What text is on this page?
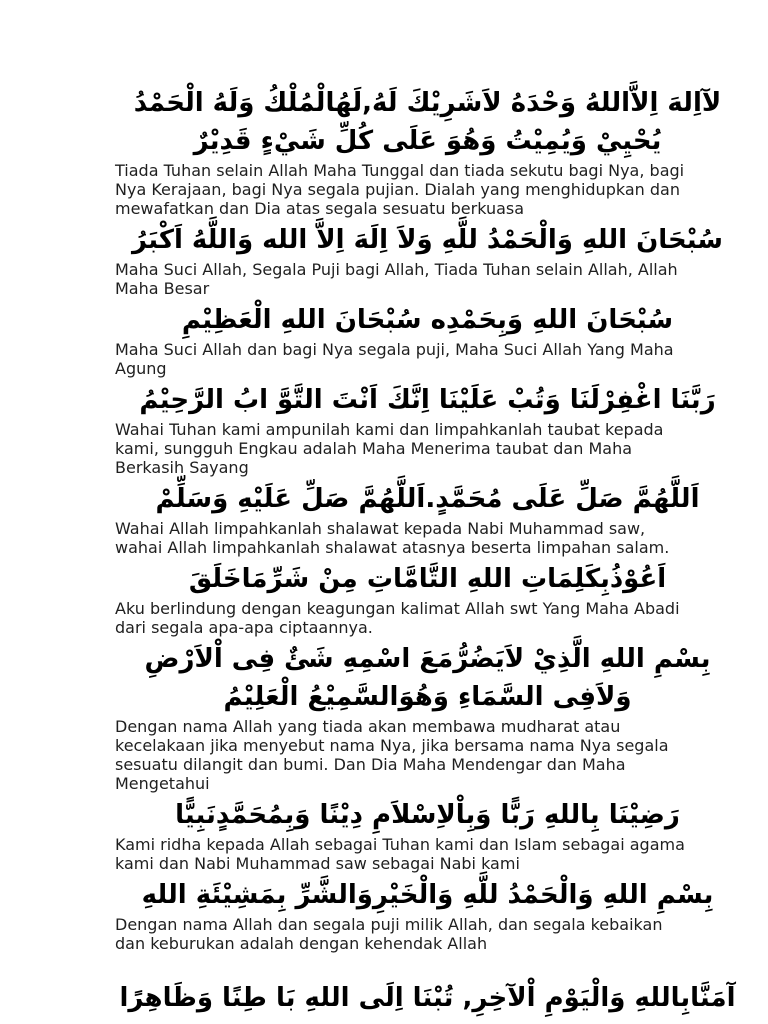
لآاِلهَ اِلاَّاللهُ وَحْدَهُ لاَشَرِيْكَ لَهُ,لَهُالْمُلْكُ وَلَهُ الْحَمْدُ يُحْيِيْ وَيُمِيْتُ وَهُوَ عَلَى كُلِّ شَيْءٍ قَدِيْرٌ

Tiada Tuhan selain Allah Maha Tunggal dan tiada sekutu bagi Nya, bagi Nya Kerajaan, bagi Nya segala pujian. Dialah yang menghidupkan dan mewafatkan dan Dia atas segala sesuatu berkuasa

سُبْحَانَ اللهِ وَالْحَمْدُ للَّهِ وَلاَ اِلَهَ اِلاَّ الله وَاللَّهُ اَكْبَرُ

Maha Suci Allah, Segala Puji bagi Allah, Tiada Tuhan selain Allah, Allah Maha Besar

سُبْحَانَ اللهِ وَبِحَمْدِه سُبْحَانَ اللهِ الْعَظِيْمِ

Maha Suci Allah dan bagi Nya segala puji, Maha Suci Allah Yang Maha Agung

رَبَّنَا اغْفِرْلَنَا وَتُبْ عَلَيْنَا اِنَّكَ اَنْتَ التَّوَّ ابُ الرَّحِيْمُ

Wahai Tuhan kami ampunilah kami dan limpahkanlah taubat kepada kami, sungguh Engkau adalah Maha Menerima taubat dan Maha Berkasih Sayang

اَللَّهُمَّ صَلِّ عَلَى مُحَمَّدٍ.اَللَّهُمَّ صَلِّ عَلَيْهِ وَسَلِّمْ

Wahai Allah limpahkanlah shalawat kepada Nabi Muhammad saw, wahai Allah limpahkanlah shalawat atasnya beserta limpahan salam.

اَعُوْذُبِكَلِمَاتِ اللهِ التَّامَّاتِ مِنْ شَرِّمَاخَلَقَ

Aku berlindung dengan keagungan kalimat Allah swt Yang Maha Abadi dari segala apa-apa ciptaannya.

بِسْمِ اللهِ الَّذِيْ لاَيَضُرُّمَعَ اسْمِهِ شَئٌ فِى اْلاَرْضِ وَلاَفِى السَّمَاءِ وَهُوَالسَّمِيْعُ الْعَلِيْمُ

Dengan nama Allah yang tiada akan membawa mudharat atau kecelakaan jika menyebut nama Nya, jika bersama nama Nya segala sesuatu dilangit dan bumi. Dan Dia Maha Mendengar dan Maha Mengetahui

رَضِيْنَا بِاللهِ رَبًّا وَبِاْلاِسْلاَمِ دِيْنًا وَبِمُحَمَّدٍنَبِيًّا

Kami ridha kepada Allah sebagai Tuhan kami dan Islam sebagai agama kami dan Nabi Muhammad saw sebagai Nabi kami

بِسْمِ اللهِ وَالْحَمْدُ للَّهِ وَالْخَيْرِوَالشَّرِّ بِمَشِيْئَةِ اللهِ

Dengan nama Allah dan segala puji milik Allah, dan segala kebaikan dan keburukan adalah dengan kehendak Allah

آمَنَّابِاللهِ وَالْيَوْمِ اْلآخِرِ, تُبْنَا اِلَى اللهِ بَا طِنًا وَظَاهِرًا
